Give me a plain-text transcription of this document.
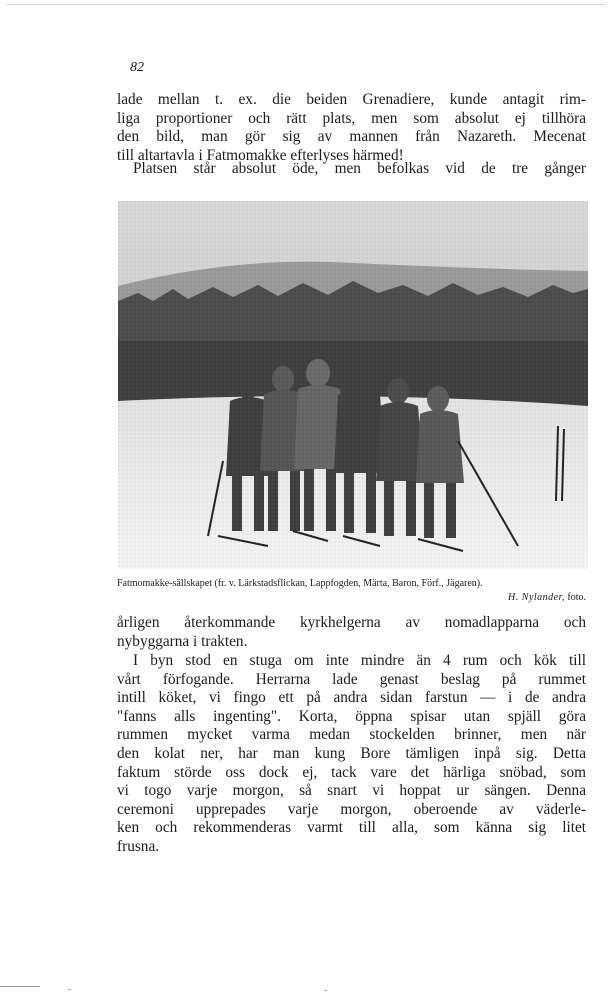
82
lade mellan t. ex. die beiden Grenadiere, kunde antagit rim-
liga proportioner och rätt plats, men som absolut ej tillhöra
den bild, man gör sig av mannen från Nazareth. Mecenat
till altartavla i Fatmomakke efterlyses härmed!
Platsen står absolut öde, men befolkas vid de tre gånger
Fatmomakke-sällskapet (fr. v. Lärkstadsflickan, Lappfogden, Märta, Baron, Förf., Jägaren).
H. Nylander, foto.
årligen återkommande kyrkhelgerna av nomadlapparna och
nybyggarna i trakten.
I byn stod en stuga om inte mindre än 4 rum och kök till
vårt förfogande. Herrarna lade genast beslag på rummet
intill köket, vi fingo ett på andra sidan farstun — i de andra
"fanns alls ingenting". Korta, öppna spisar utan spjäll göra
rummen mycket varma medan stockelden brinner, men när
den kolat ner, har man kung Bore tämligen inpå sig. Detta
faktum störde oss dock ej, tack vare det härliga snöbad, som
vi togo varje morgon, så snart vi hoppat ur sängen. Denna
ceremoni upprepades varje morgon, oberoende av väderle-
ken och rekommenderas varmt till alla, som känna sig litet
frusna.
